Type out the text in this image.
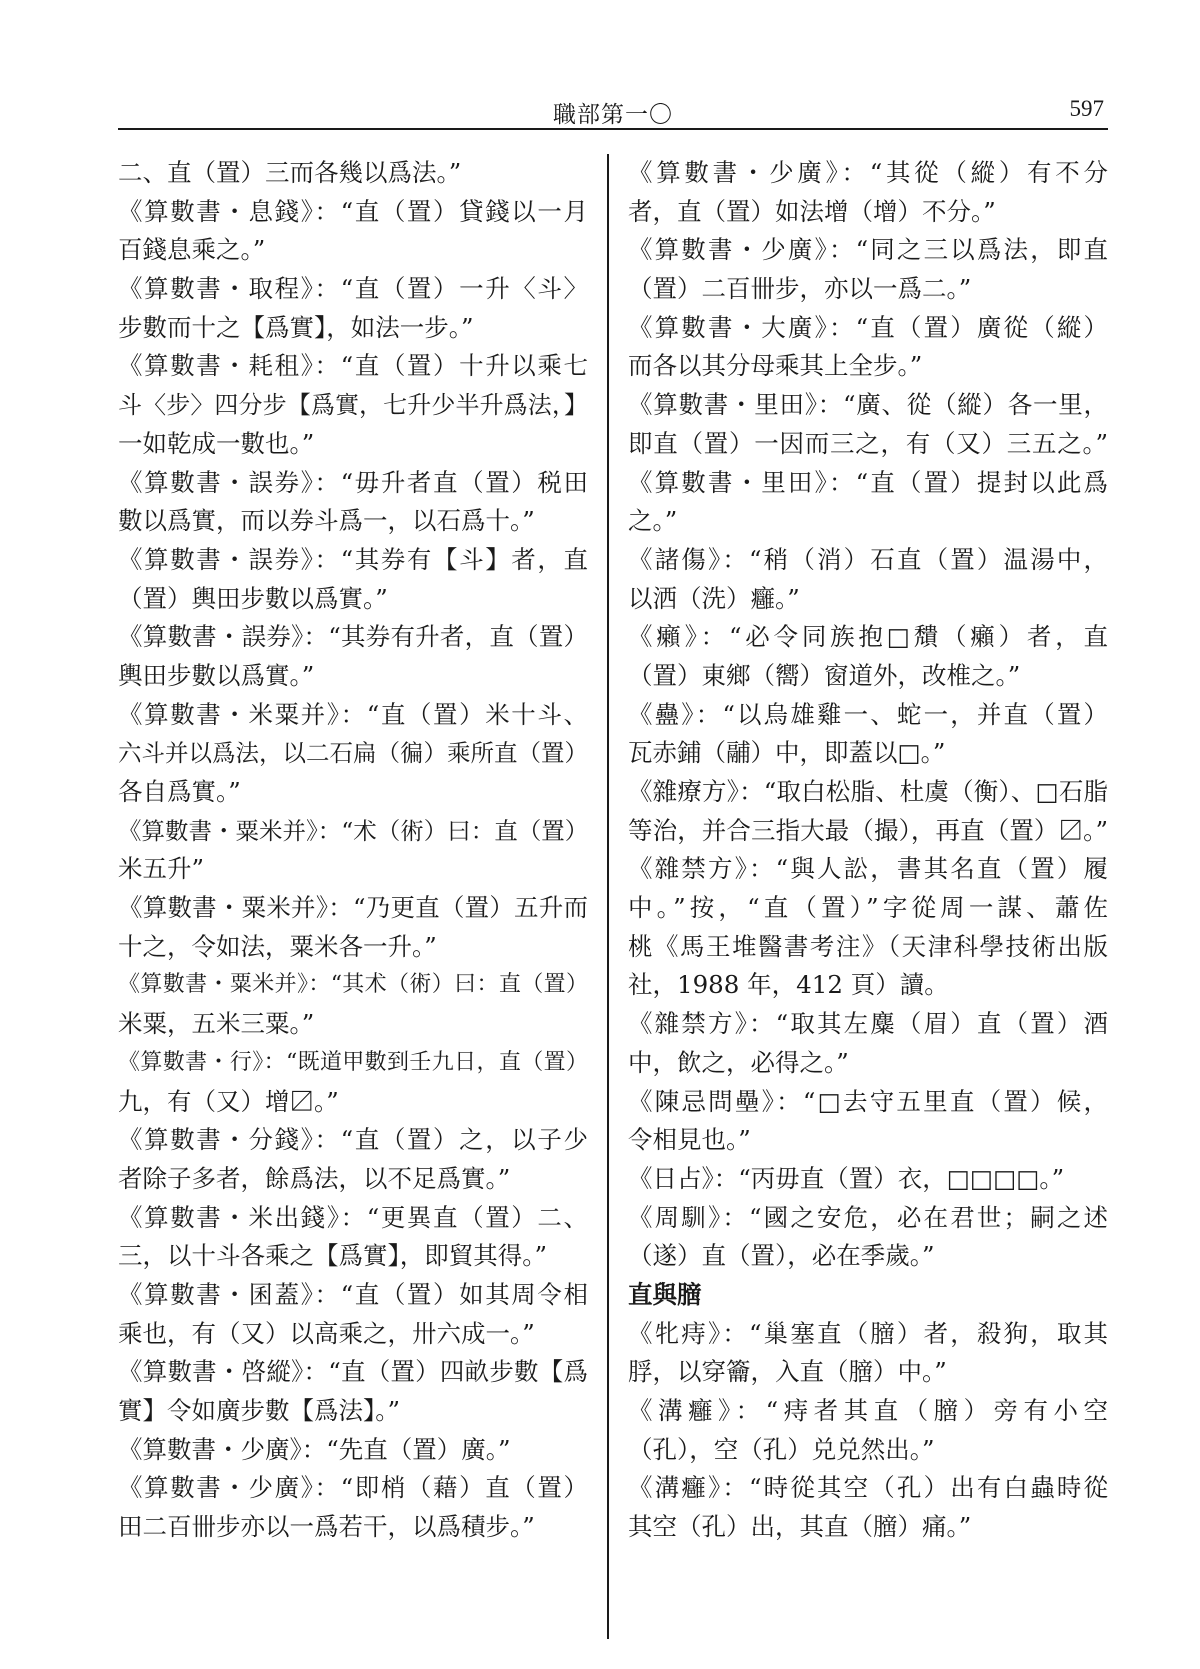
職部第一〇	597
二、直（置）三而各幾以爲法。”
《算數書・息錢》：“直（置）貸錢以一月
百錢息乘之。”
《算數書・取程》：“直（置）一升〈斗〉
步數而十之【爲實】，如法一步。”
《算數書・耗租》：“直（置）十升以乘七
斗〈步〉四分步【爲實，七升少半升爲法，】
一如乾成一數也。”
《算數書・誤券》：“毋升者直（置）税田
數以爲實，而以券斗爲一，以石爲十。”
《算數書・誤券》：“其券有【斗】者，直
（置）輿田步數以爲實。”
《算數書・誤券》：“其券有升者，直（置）
輿田步數以爲實。”
《算數書・米粟并》：“直（置）米十斗、
六斗并以爲法，以二石扁（徧）乘所直（置）
各自爲實。”
《算數書・粟米并》：“术（術）曰：直（置）
米五升”
《算數書・粟米并》：“乃更直（置）五升而
十之，令如法，粟米各一升。”
《算數書・粟米并》：“其术（術）曰：直（置）
米粟，五米三粟。”
《算數書・行》：“既道甲數到壬九日，直（置）
九，有（又）增〼。”
《算數書・分錢》：“直（置）之，以子少
者除子多者，餘爲法，以不足爲實。”
《算數書・米出錢》：“更異直（置）二、
三，以十斗各乘之【爲實】，即貿其得。”
《算數書・囷蓋》：“直（置）如其周令相
乘也，有（又）以高乘之，卅六成一。”
《算數書・啓縱》：“直（置）四畝步數【爲
實】令如廣步數【爲法】。”
《算數書・少廣》：“先直（置）廣。”
《算數書・少廣》：“即梢（藉）直（置）
田二百卌步亦以一爲若干，以爲積步。”
《算數書・少廣》：“其從（縱）有不分
者，直（置）如法增（增）不分。”
《算數書・少廣》：“同之三以爲法，即直
（置）二百卌步，亦以一爲二。”
《算數書・大廣》：“直（置）廣從（縱）
而各以其分母乘其上全步。”
《算數書・里田》：“廣、從（縱）各一里，
即直（置）一因而三之，有（又）三五之。”
《算數書・里田》：“直（置）提封以此爲
之。”
《諸傷》：“稍（消）石直（置）温湯中，
以洒（洗）癰。”
《癩》：“必令同族抱□穨（癩）者，直
（置）東鄉（嚮）窗道外，改椎之。”
《蠱》：“以烏雄雞一、蛇一，并直（置）
瓦赤鋪（鬴）中，即蓋以□。”
《雜療方》：“取白松脂、杜虞（衡）、□石脂
等治，并合三指大最（撮），再直（置）〼。”
《雜禁方》：“與人訟，書其名直（置）履
中。”按，“直（置）”字從周一謀、蕭佐
桃《馬王堆醫書考注》（天津科學技術出版
社，1988 年，412 頁）讀。
《雜禁方》：“取其左麋（眉）直（置）酒
中，飲之，必得之。”
《陳忌問壘》：“□去守五里直（置）候，
令相見也。”
《日占》：“丙毋直（置）衣，□□□□。”
《周馴》：“國之安危，必在君世；嗣之述
（遂）直（置），必在季歲。”
直與膪
《牝痔》：“巢塞直（膪）者，殺狗，取其
脬，以穿籥，入直（膪）中。”
《溝癰》：“痔者其直（膪）旁有小空
（孔），空（孔）兑兑然出。”
《溝癰》：“時從其空（孔）出有白蟲時從
其空（孔）出，其直（膪）痛。”
